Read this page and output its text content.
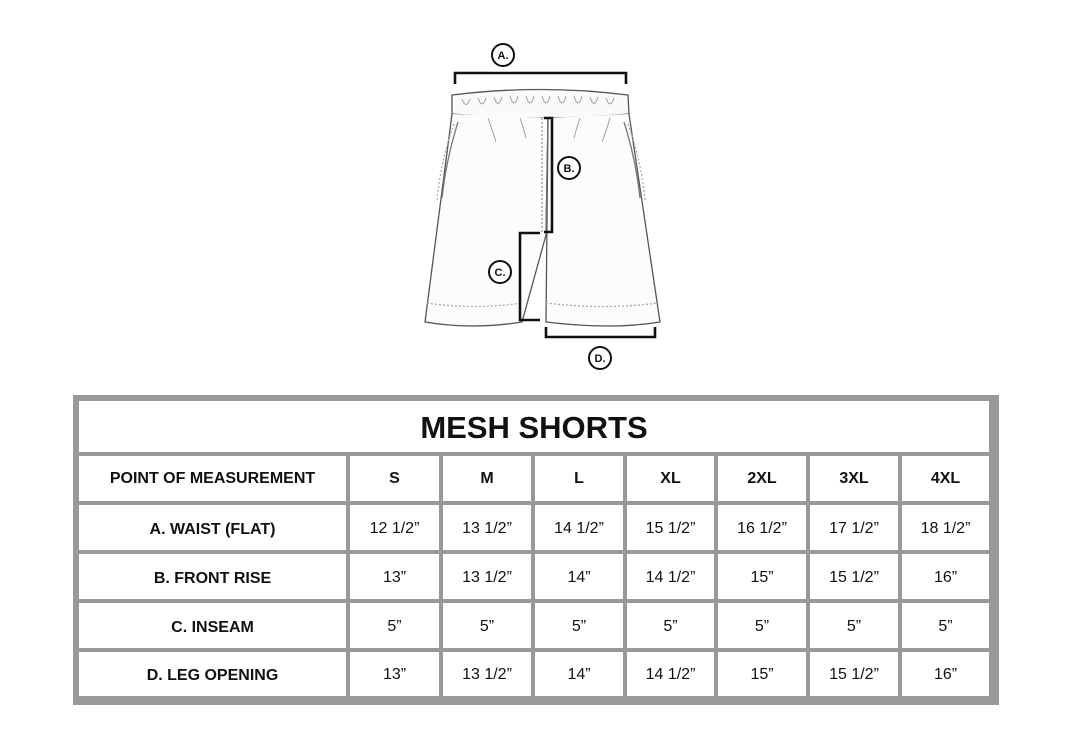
A.
B.
C.
D.
MESH SHORTS
POINT OF MEASUREMENT	S	M	L	XL	2XL	3XL	4XL
A. WAIST (FLAT)	12 1/2”	13 1/2”	14 1/2”	15 1/2”	16 1/2”	17 1/2”	18 1/2”
B. FRONT RISE	13”	13 1/2”	14”	14 1/2”	15”	15 1/2”	16”
C. INSEAM	5”	5”	5”	5”	5”	5”	5”
D. LEG OPENING	13”	13 1/2”	14”	14 1/2”	15”	15 1/2”	16”
